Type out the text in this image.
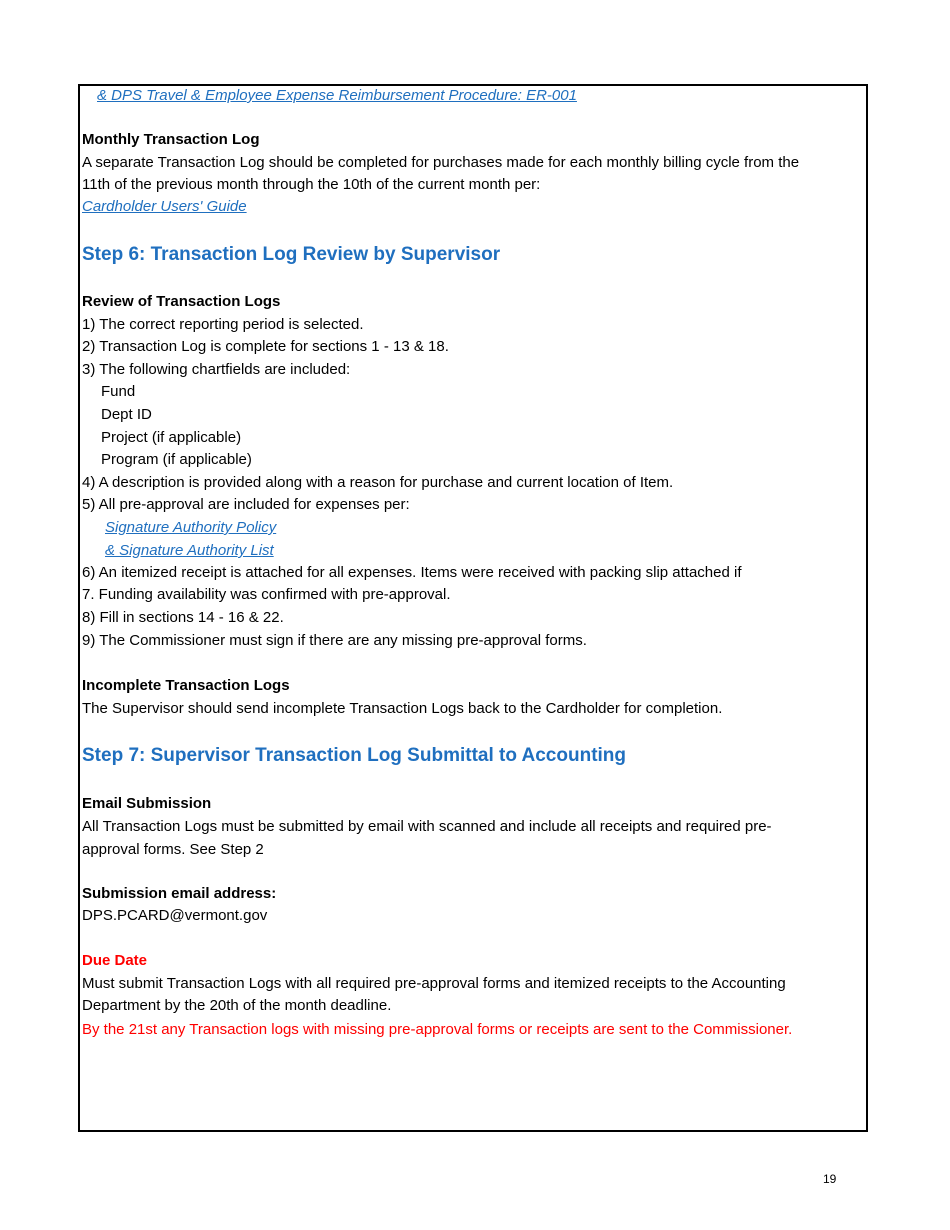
& DPS Travel & Employee Expense Reimbursement Procedure: ER-001

Monthly Transaction Log

A separate Transaction Log should be completed for purchases made for each monthly billing cycle from the

11th of the previous month through the 10th of the current month per:

Cardholder Users' Guide
Step 6: Transaction Log Review by Supervisor

Review of Transaction Logs

1) The correct reporting period is selected.

2) Transaction Log is complete for sections 1 - 13 & 18.

3) The following chartfields are included:

Fund

Dept ID

Project (if applicable)

Program (if applicable)

4) A description is provided along with a reason for purchase and current location of Item.

5) All pre-approval are included for expenses per:

Signature Authority Policy
& Signature Authority List

6) An itemized receipt is attached for all expenses. Items were received with packing slip attached if

7. Funding availability was confirmed with pre-approval.

8) Fill in sections 14 - 16 & 22.

9) The Commissioner must sign if there are any missing pre-approval forms.

Incomplete Transaction Logs

The Supervisor should send incomplete Transaction Logs back to the Cardholder for completion.

Step 7: Supervisor Transaction Log Submittal to Accounting

Email Submission

All Transaction Logs must be submitted by email with scanned and include all receipts and required pre-

approval forms. See Step 2

Submission email address:

DPS.PCARD@vermont.gov

Due Date

Must submit Transaction Logs with all required pre-approval forms and itemized receipts to the Accounting

Department by the 20th of the month deadline.

By the 21st any Transaction logs with missing pre-approval forms or receipts are sent to the Commissioner.

19
